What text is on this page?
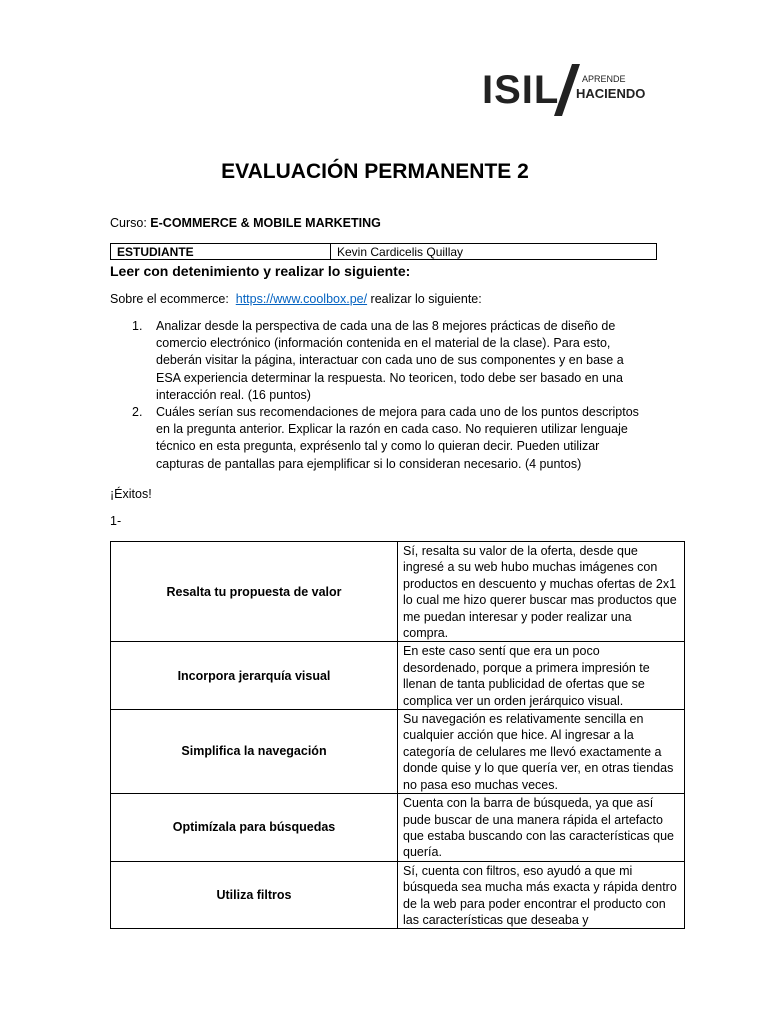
ISIL	APRENDE
HACIENDO
EVALUACIÓN PERMANENTE 2
Curso: E-COMMERCE & MOBILE MARKETING
ESTUDIANTE	Kevin Cardicelis Quillay
Leer con detenimiento y realizar lo siguiente:
Sobre el ecommerce:  https://www.coolbox.pe/ realizar lo siguiente:
1. Analizar desde la perspectiva de cada una de las 8 mejores prácticas de diseño de comercio electrónico (información contenida en el material de la clase). Para esto, deberán visitar la página, interactuar con cada uno de sus componentes y en base a ESA experiencia determinar la respuesta. No teoricen, todo debe ser basado en una interacción real. (16 puntos)
2. Cuáles serían sus recomendaciones de mejora para cada uno de los puntos descriptos en la pregunta anterior. Explicar la razón en cada caso. No requieren utilizar lenguaje técnico en esta pregunta, exprésenlo tal y como lo quieran decir. Pueden utilizar capturas de pantallas para ejemplificar si lo consideran necesario. (4 puntos)
¡Éxitos!
1-
Resalta tu propuesta de valor	Sí, resalta su valor de la oferta, desde que ingresé a su web hubo muchas imágenes con productos en descuento y muchas ofertas de 2x1 lo cual me hizo querer buscar mas productos que me puedan interesar y poder realizar una compra.
Incorpora jerarquía visual	En este caso sentí que era un poco desordenado, porque a primera impresión te llenan de tanta publicidad de ofertas que se complica ver un orden jerárquico visual.
Simplifica la navegación	Su navegación es relativamente sencilla en cualquier acción que hice. Al ingresar a la categoría de celulares me llevó exactamente a donde quise y lo que quería ver, en otras tiendas no pasa eso muchas veces.
Optimízala para búsquedas	Cuenta con la barra de búsqueda, ya que así pude buscar de una manera rápida el artefacto que estaba buscando con las características que quería.
Utiliza filtros	Sí, cuenta con filtros, eso ayudó a que mi búsqueda sea mucha más exacta y rápida dentro de la web para poder encontrar el producto con las características que deseaba y
